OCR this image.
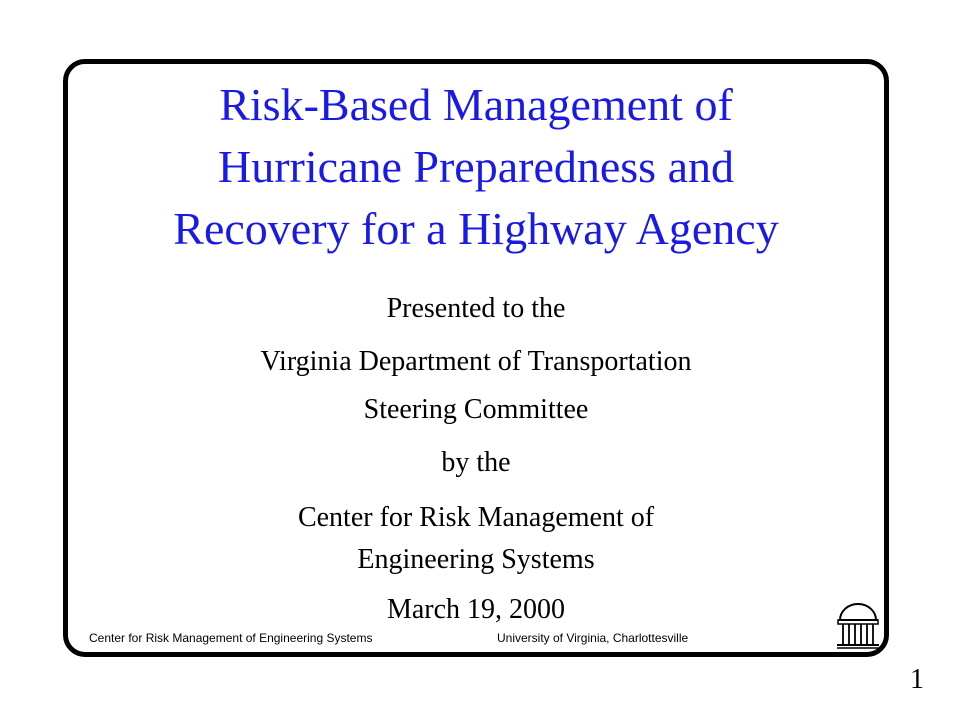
Risk-Based Management of
Hurricane Preparedness and
Recovery for a Highway Agency
Presented to the
Virginia Department of Transportation
Steering Committee
by the
Center for Risk Management of
Engineering Systems
March 19, 2000
Center for Risk Management of Engineering Systems	University of Virginia, Charlottesville
1
